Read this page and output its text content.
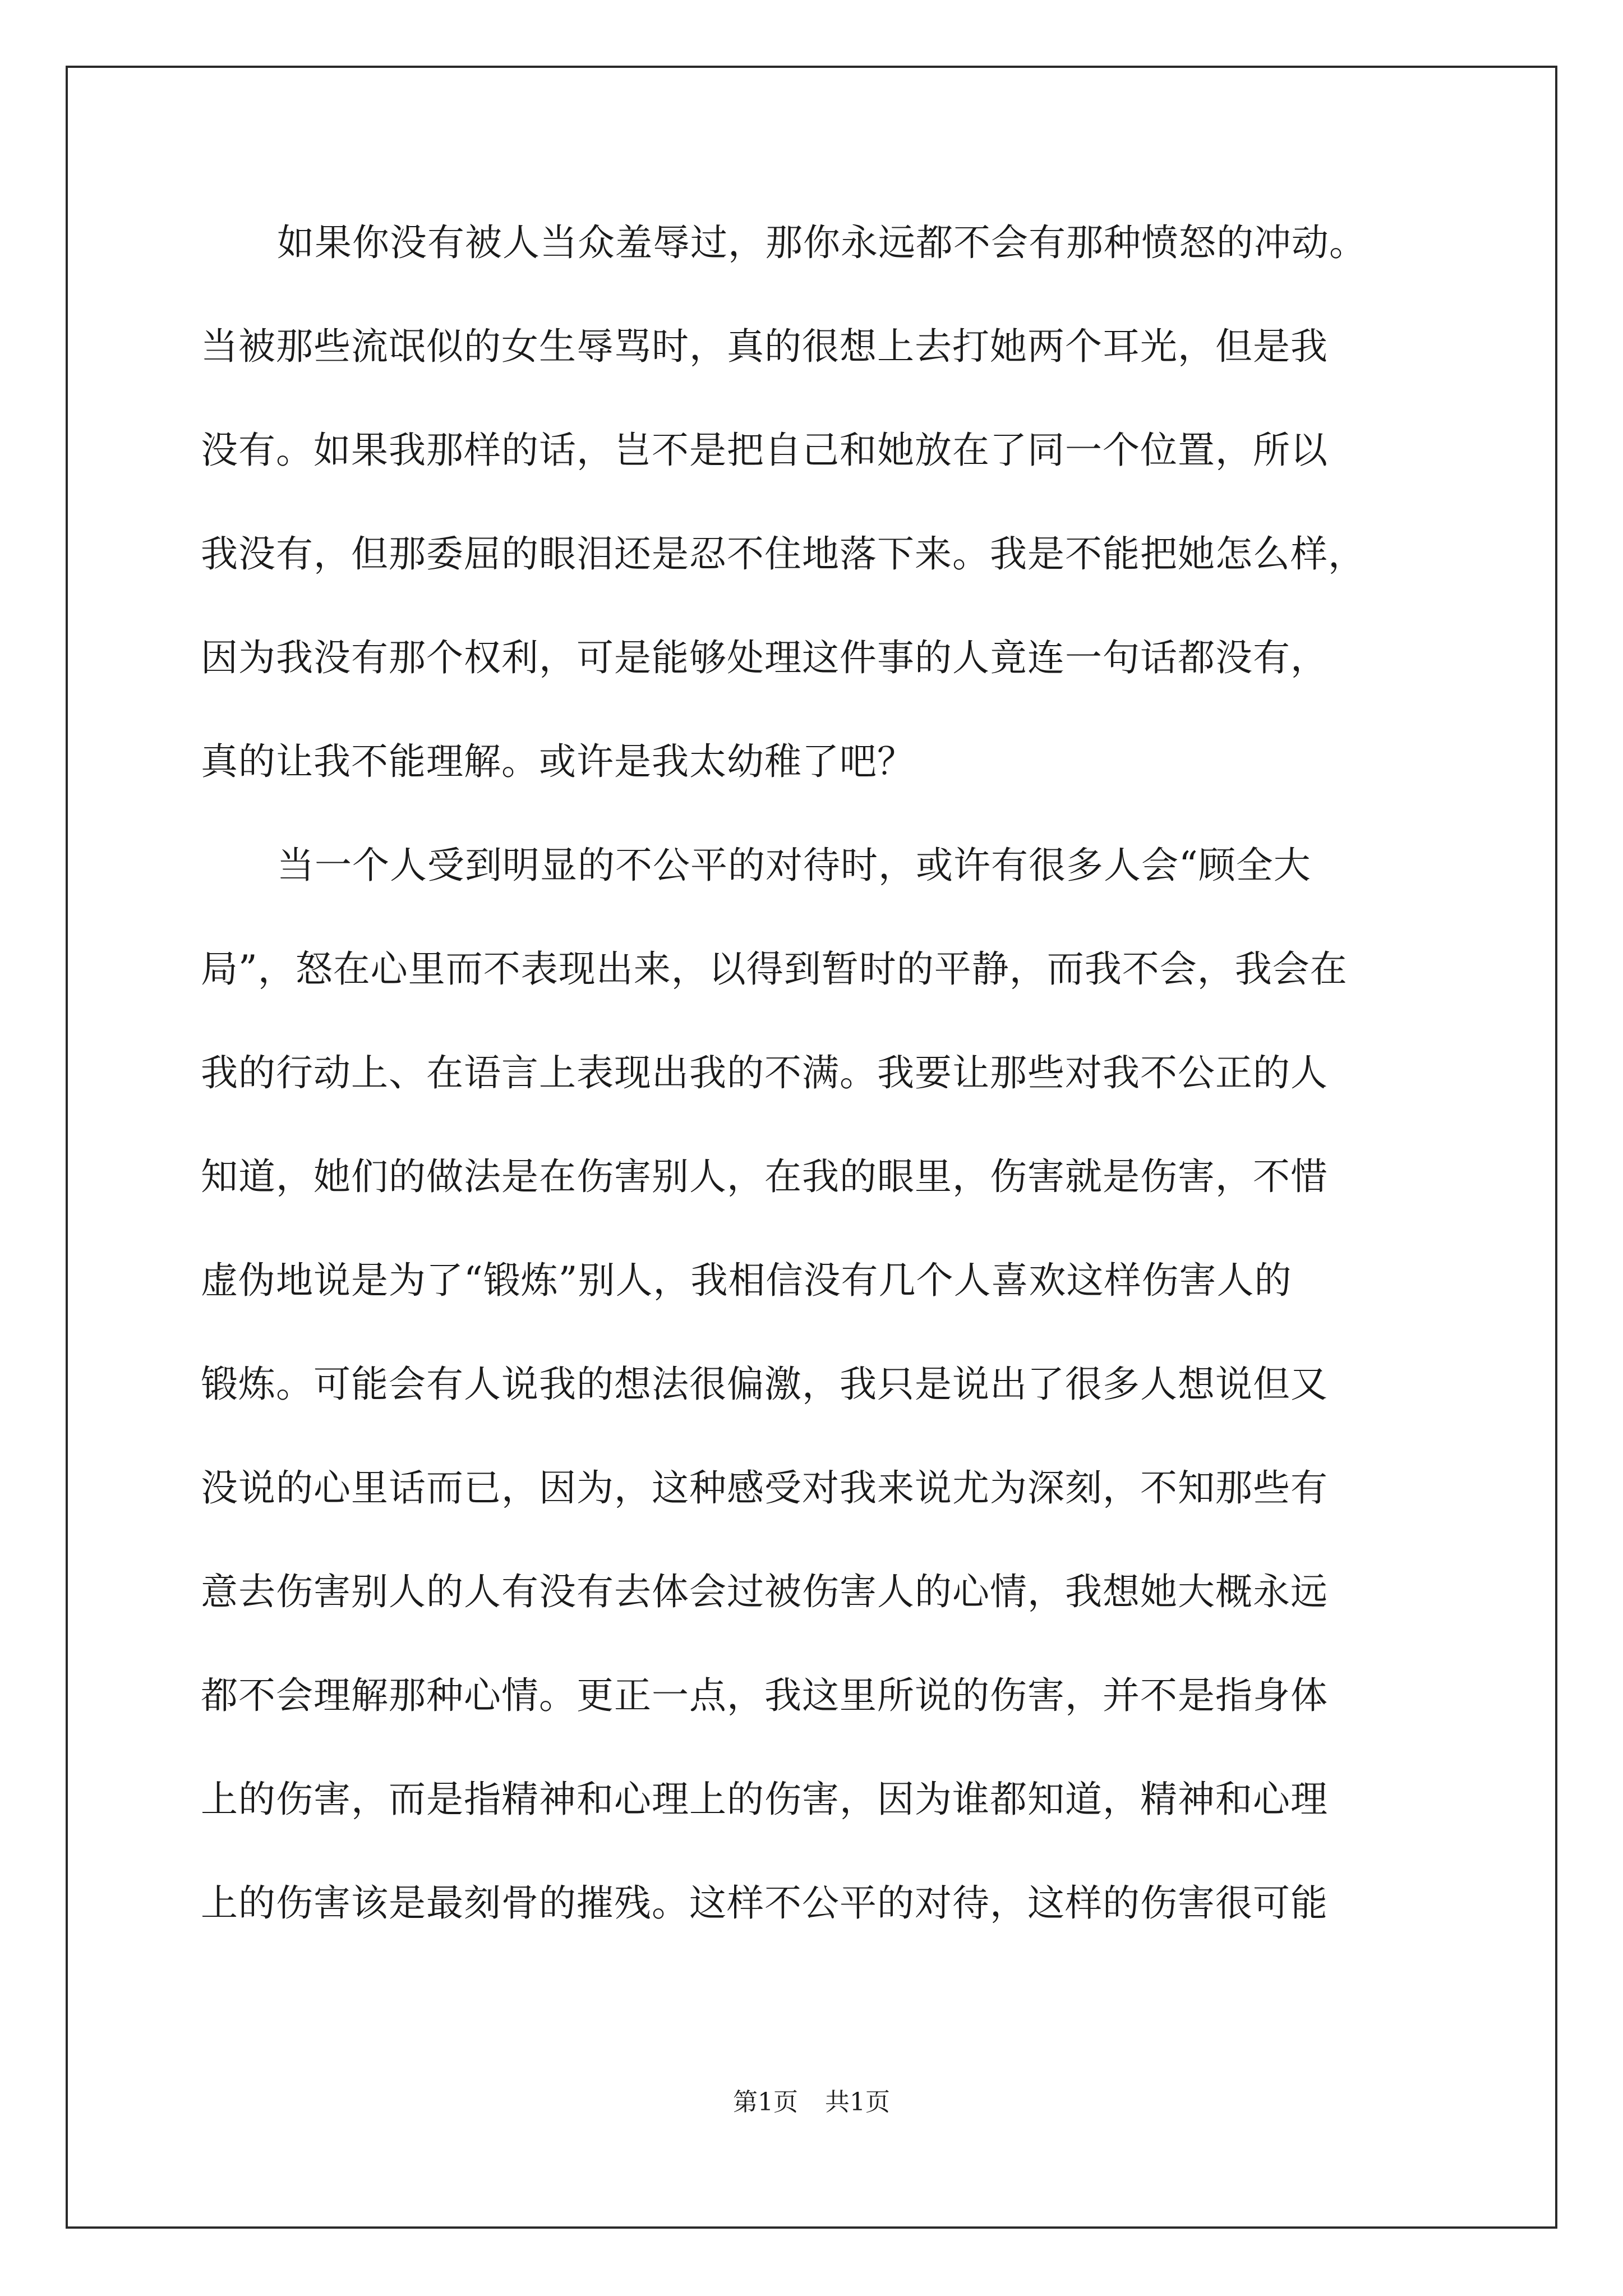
如果你没有被人当众羞辱过，那你永远都不会有那种愤怒的冲动。
当被那些流氓似的女生辱骂时，真的很想上去打她两个耳光，但是我
没有。如果我那样的话，岂不是把自己和她放在了同一个位置，所以
我没有，但那委屈的眼泪还是忍不住地落下来。我是不能把她怎么样，
因为我没有那个权利，可是能够处理这件事的人竟连一句话都没有，
真的让我不能理解。或许是我太幼稚了吧？
当一个人受到明显的不公平的对待时，或许有很多人会“顾全大
局”，怒在心里而不表现出来，以得到暂时的平静，而我不会，我会在
我的行动上、在语言上表现出我的不满。我要让那些对我不公正的人
知道，她们的做法是在伤害别人，在我的眼里，伤害就是伤害，不惜
虚伪地说是为了“锻炼”别人，我相信没有几个人喜欢这样伤害人的
锻炼。可能会有人说我的想法很偏激，我只是说出了很多人想说但又
没说的心里话而已，因为，这种感受对我来说尤为深刻，不知那些有
意去伤害别人的人有没有去体会过被伤害人的心情，我想她大概永远
都不会理解那种心情。更正一点，我这里所说的伤害，并不是指身体
上的伤害，而是指精神和心理上的伤害，因为谁都知道，精神和心理
上的伤害该是最刻骨的摧残。这样不公平的对待，这样的伤害很可能
第1页 共1页
